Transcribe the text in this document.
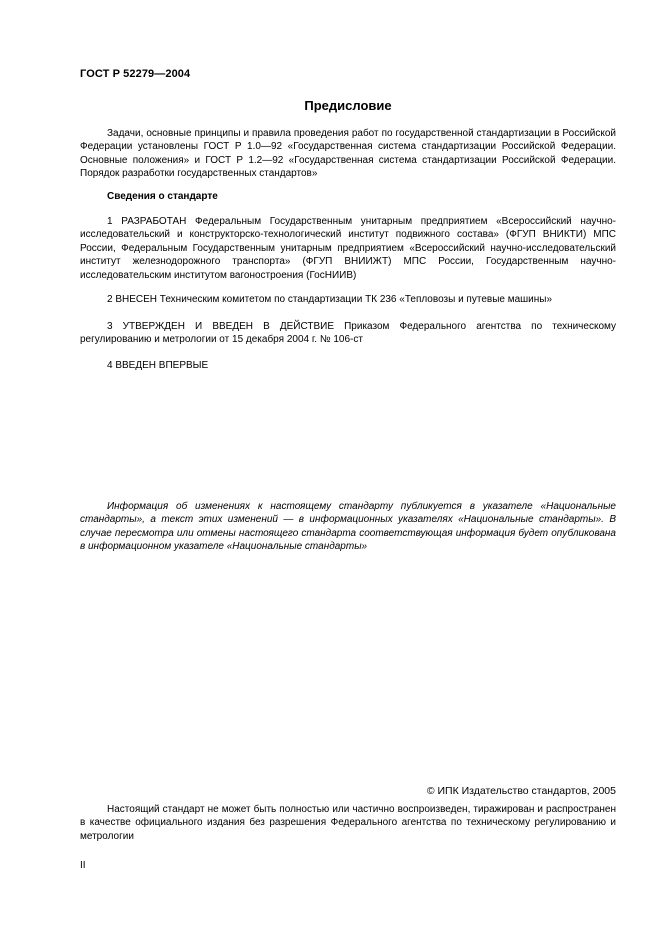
ГОСТ Р 52279—2004
Предисловие

Задачи, основные принципы и правила проведения работ по государственной стандартизации в Российской Федерации установлены ГОСТ Р 1.0—92 «Государственная система стандартизации Российской Федерации. Основные положения» и ГОСТ Р 1.2—92 «Государственная система стандартизации Российской Федерации. Порядок разработки государственных стандартов»

Сведения о стандарте

1 РАЗРАБОТАН Федеральным Государственным унитарным предприятием «Всероссийский научно-исследовательский и конструкторско-технологический институт подвижного состава» (ФГУП ВНИКТИ) МПС России, Федеральным Государственным унитарным предприятием «Всероссийский научно-исследовательский институт железнодорожного транспорта» (ФГУП ВНИИЖТ) МПС России, Государственным научно-исследовательским институтом вагоностроения (ГосНИИВ)

2 ВНЕСЕН Техническим комитетом по стандартизации ТК 236 «Тепловозы и путевые машины»

3 УТВЕРЖДЕН И ВВЕДЕН В ДЕЙСТВИЕ Приказом Федерального агентства по техническому регулированию и метрологии от 15 декабря 2004 г. № 106-ст

4 ВВЕДЕН ВПЕРВЫЕ

Информация об изменениях к настоящему стандарту публикуется в указателе «Национальные стандарты», а текст этих изменений — в информационных указателях «Национальные стандарты». В случае пересмотра или отмены настоящего стандарта соответствующая информация будет опубликована в информационном указателе «Национальные стандарты»

© ИПК Издательство стандартов, 2005

Настоящий стандарт не может быть полностью или частично воспроизведен, тиражирован и распространен в качестве официального издания без разрешения Федерального агентства по техническому регулированию и метрологии

II
